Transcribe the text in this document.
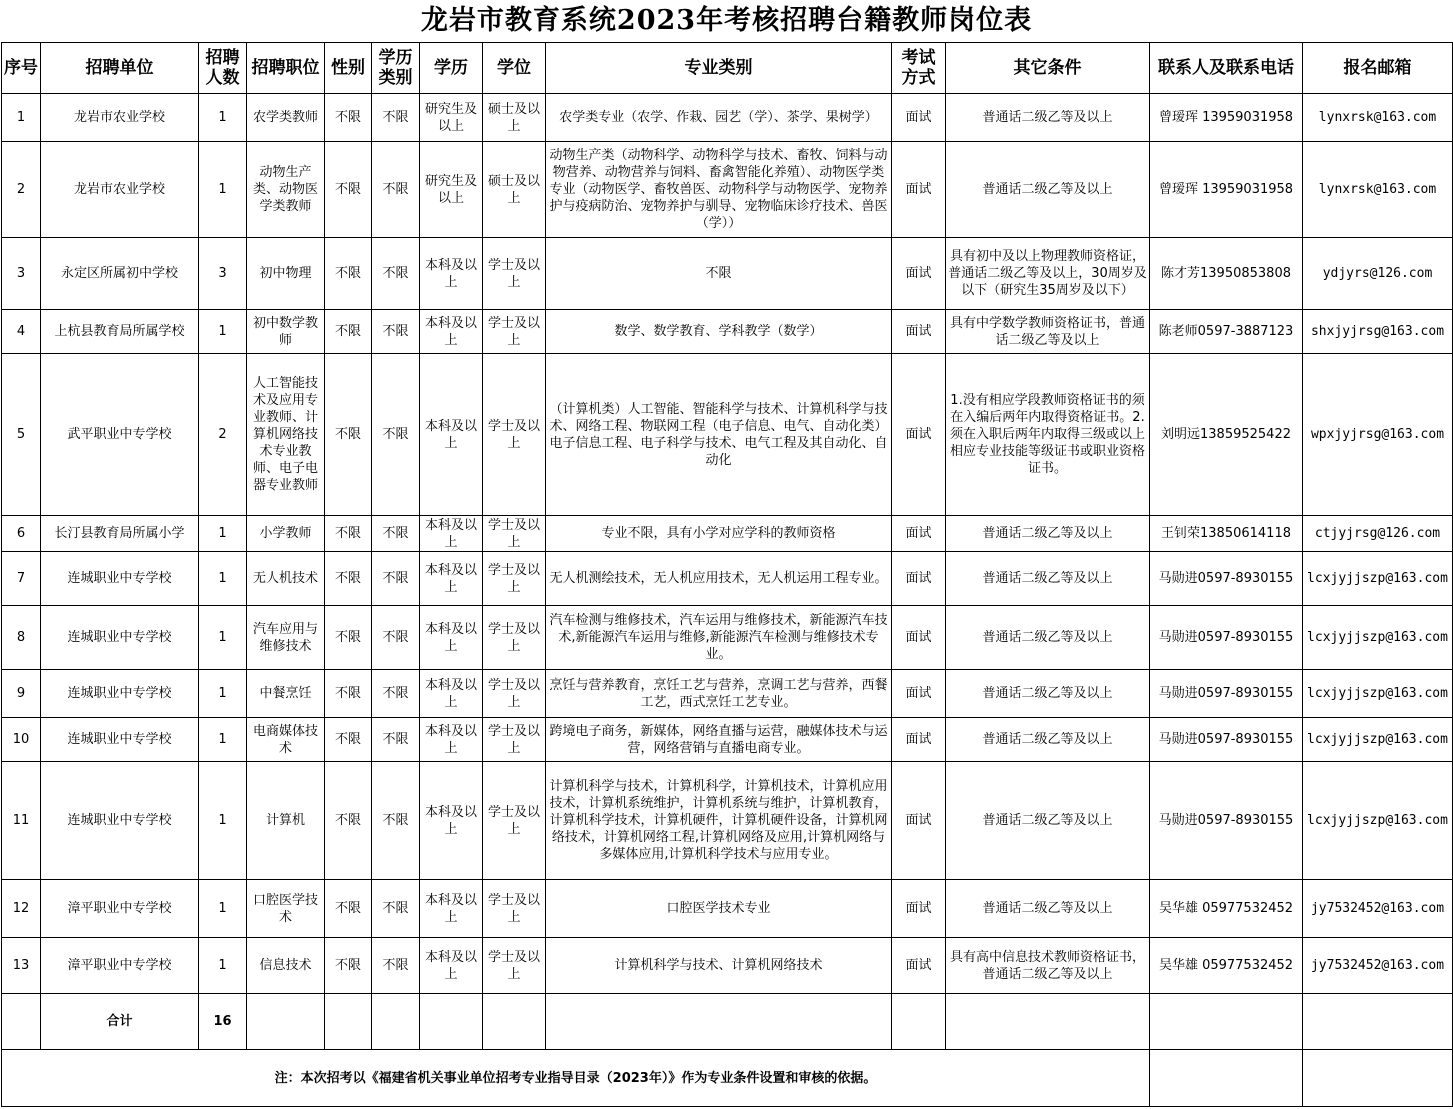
龙岩市教育系统2023年考核招聘台籍教师岗位表
序号	招聘单位	招聘人数	招聘职位	性别	学历类别	学历	学位	专业类别	考试方式	其它条件	联系人及联系电话	报名邮箱
1	龙岩市农业学校	1	农学类教师	不限	不限	研究生及以上	硕士及以上	农学类专业（农学、作栽、园艺（学）、茶学、果树学）	面试	普通话二级乙等及以上	曾瑷珲 13959031958	lynxrsk@163.com
2	龙岩市农业学校	1	动物生产类、动物医学类教师	不限	不限	研究生及以上	硕士及以上	动物生产类（动物科学、动物科学与技术、畜牧、饲料与动物营养、动物营养与饲料、畜禽智能化养殖）、动物医学类专业（动物医学、畜牧兽医、动物科学与动物医学、宠物养护与疫病防治、宠物养护与驯导、宠物临床诊疗技术、兽医（学））	面试	普通话二级乙等及以上	曾瑷珲 13959031958	lynxrsk@163.com
3	永定区所属初中学校	3	初中物理	不限	不限	本科及以上	学士及以上	不限	面试	具有初中及以上物理教师资格证，普通话二级乙等及以上，30周岁及以下（研究生35周岁及以下）	陈才芳13950853808	ydjyrs@126.com
4	上杭县教育局所属学校	1	初中数学教师	不限	不限	本科及以上	学士及以上	数学、数学教育、学科教学（数学）	面试	具有中学数学教师资格证书，普通话二级乙等及以上	陈老师0597-3887123	shxjyjrsg@163.com
5	武平职业中专学校	2	人工智能技术及应用专业教师、计算机网络技术专业教师、电子电器专业教师	不限	不限	本科及以上	学士及以上	（计算机类）人工智能、智能科学与技术、计算机科学与技术、网络工程、物联网工程（电子信息、电气、自动化类）电子信息工程、电子科学与技术、电气工程及其自动化、自动化	面试	1.没有相应学段教师资格证书的须在入编后两年内取得资格证书。2.须在入职后两年内取得三级或以上相应专业技能等级证书或职业资格证书。	刘明远13859525422	wpxjyjrsg@163.com
6	长汀县教育局所属小学	1	小学教师	不限	不限	本科及以上	学士及以上	专业不限，具有小学对应学科的教师资格	面试	普通话二级乙等及以上	王钊荣13850614118	ctjyjrsg@126.com
7	连城职业中专学校	1	无人机技术	不限	不限	本科及以上	学士及以上	无人机测绘技术，无人机应用技术，无人机运用工程专业。	面试	普通话二级乙等及以上	马勋进0597-8930155	lcxjyjjszp@163.com
8	连城职业中专学校	1	汽车应用与维修技术	不限	不限	本科及以上	学士及以上	汽车检测与维修技术，汽车运用与维修技术，新能源汽车技术,新能源汽车运用与维修,新能源汽车检测与维修技术专业。	面试	普通话二级乙等及以上	马勋进0597-8930155	lcxjyjjszp@163.com
9	连城职业中专学校	1	中餐烹饪	不限	不限	本科及以上	学士及以上	烹饪与营养教育，烹饪工艺与营养，烹调工艺与营养，西餐工艺，西式烹饪工艺专业。	面试	普通话二级乙等及以上	马勋进0597-8930155	lcxjyjjszp@163.com
10	连城职业中专学校	1	电商媒体技术	不限	不限	本科及以上	学士及以上	跨境电子商务，新媒体，网络直播与运营，融媒体技术与运营，网络营销与直播电商专业。	面试	普通话二级乙等及以上	马勋进0597-8930155	lcxjyjjszp@163.com
11	连城职业中专学校	1	计算机	不限	不限	本科及以上	学士及以上	计算机科学与技术，计算机科学，计算机技术，计算机应用技术，计算机系统维护，计算机系统与维护，计算机教育，计算机科学技术，计算机硬件，计算机硬件设备，计算机网络技术，计算机网络工程,计算机网络及应用,计算机网络与多媒体应用,计算机科学技术与应用专业。	面试	普通话二级乙等及以上	马勋进0597-8930155	lcxjyjjszp@163.com
12	漳平职业中专学校	1	口腔医学技术	不限	不限	本科及以上	学士及以上	口腔医学技术专业	面试	普通话二级乙等及以上	吴华雄 05977532452	jy7532452@163.com
13	漳平职业中专学校	1	信息技术	不限	不限	本科及以上	学士及以上	计算机科学与技术、计算机网络技术	面试	具有高中信息技术教师资格证书，普通话二级乙等及以上	吴华雄 05977532452	jy7532452@163.com
	合计	16										
注：本次招考以《福建省机关事业单位招考专业指导目录（2023年）》作为专业条件设置和审核的依据。												
